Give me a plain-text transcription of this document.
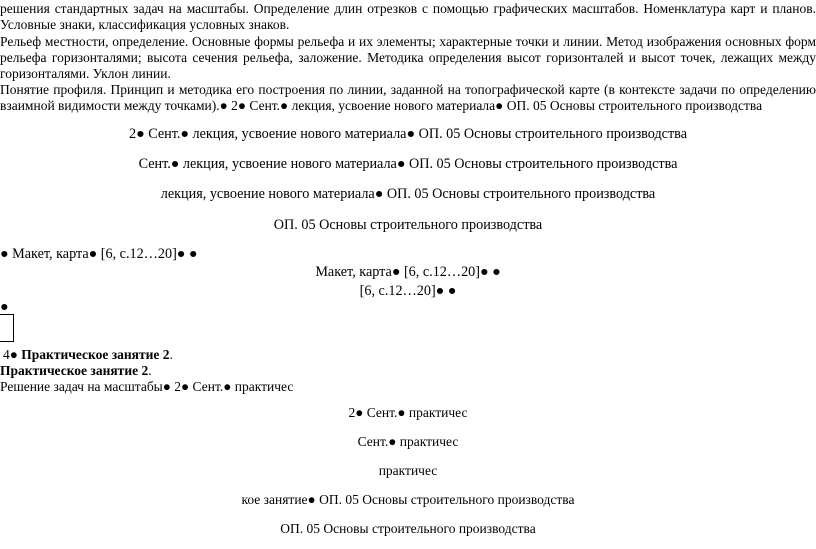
решения стандартных задач на масштабы. Определение длин отрезков с помощью графических масштабов. Номенклатура карт и планов.
Условные знаки, классификация условных знаков.
Рельеф местности, определение. Основные формы рельефа и их элементы; характерные точки и линии. Метод изображения основных форм
рельефа горизонталями; высота сечения рельефа, заложение. Методика определения высот горизонталей и высот точек, лежащих между
горизонталями. Уклон линии.
Понятие профиля. Принцип и методика его построения по линии, заданной на топографической карте (в контексте задачи по определению
взаимной видимости между точками).● 2● Сент.● лекция, усвоение нового материала● ОП. 05 Основы строительного производства
2● Сент.● лекция, усвоение нового материала● ОП. 05 Основы строительного производства
Сент.● лекция, усвоение нового материала● ОП. 05 Основы строительного производства
лекция, усвоение нового материала● ОП. 05 Основы строительного производства
ОП. 05 Основы строительного производства
● Макет, карта● [6, с.12…20]● ●
Макет, карта● [6, с.12…20]● ●
[6, с.12…20]● ●
●
4● Практическое занятие 2.
Практическое занятие 2.
Решение задач на масштабы● 2● Сент.● практичес
2● Сент.● практичес
Сент.● практичес
практичес
кое занятие● ОП. 05 Основы строительного производства
ОП. 05 Основы строительного производства
